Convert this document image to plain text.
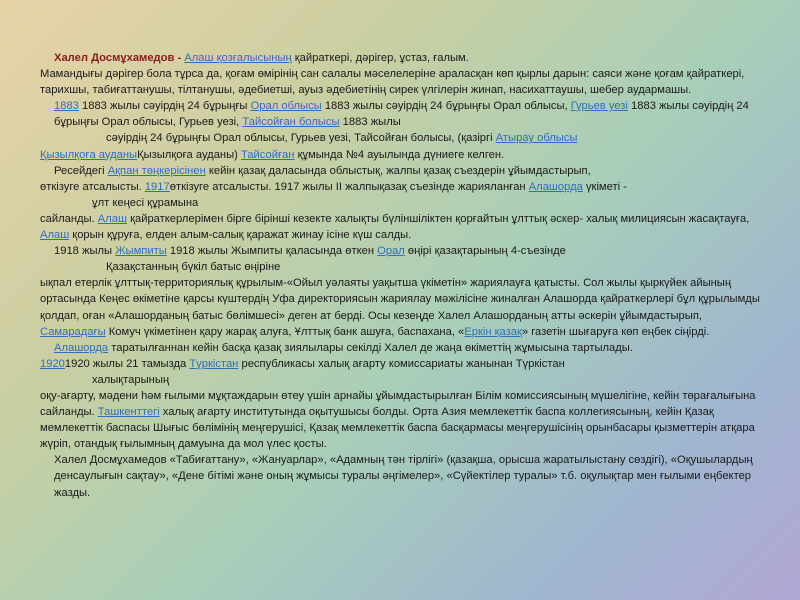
Халел Досмұхамедов - Алаш қозғалысының қайраткері, дәрігер, ұстаз, ғалым.

Мамандығы дәрігер бола тұрса да, қоғам өмірінің сан салалы мәселелеріне араласқан көп қырлы дарын: саяси және қоғам қайраткері, тарихшы, табиғаттанушы, тілтанушы, әдебиетші, ауыз әдебиетінің сирек үлгілерін жинап, насихаттаушы, шебер аудармашы.

1883 1883 жылы сәуірдің 24 бұрыңғы Орал облысы 1883 жылы сәуірдің 24 бұрыңғы Орал облысы, Гурьев уезі 1883 жылы сәуірдің 24 бұрыңғы Орал облысы, Гурьев уезі, Тайсойған болысы 1883 жылы
сәуірдің 24 бұрыңғы Орал облысы, Гурьев уезі, Тайсойған болысы, (қазіргі Атырау облысы

Қызылқоға ауданыҚызылқоға ауданы) Тайсойған құмында №4 ауылында дүниеге келген.

Ресейдегі Ақпан төңкерісінен кейін қазақ даласында облыстық, жалпы қазақ съездерін ұйымдастырып,

өткізуге атсалысты. 1917өткізуге атсалысты. 1917 жылы ІІ жалпықазақ съезінде жарияланған Алашорда үкіметі -
ұлт кеңесі құрамына

сайланды. Алаш қайраткерлерімен бірге бірінші кезекте халықты бүлiншiлiктен қорғайтын ұлттық әскер- халық милициясын жасақтауға, Алаш қорын құруға, елден алым-салық қаражат жинау ісіне күш салды.

1918 жылы Жымпиты 1918 жылы Жымпиты қаласында өткен Орал өңірі қазақтарының 4-съезінде
Қазақстанның бүкіл батыс өңірiне

ықпал етерлік ұлттық-территориялық құрылым-«Ойыл уәлаяты уақытша үкіметін» жариялауға қатысты. Сол жылы қыркүйек айының ортасында Кеңес өкіметіне қарсы күштердің Уфа директориясын жариялау мәжілісіне жиналған Алашорда қайраткерлері бұл құрылымды қолдап, оған «Алашорданың батыс бөлімшесі» деген ат берді. Осы кезеңде Халел Алашорданың атты әскерін ұйымдастырып, Самарадағы Комуч үкіметінен қару жарақ алуға, Ұлттық банк ашуға, баспахана, «Еркін қазақ» газетін шығаруға көп еңбек сіңірді.

Алашорда таратылғаннан кейін басқа қазақ зиялылары секілді Халел де жаңа өкіметтің жұмысына тартылады.

19201920 жылы 21 тамызда Түркістан республикасы халық ағарту комиссариаты жанынан Түркістан
халықтарының

оқу-ағарту, мәдени һәм ғылыми мұқтаждарын өтеу үшін арнайы ұйымдастырылған Білім комиссиясының мүшелігіне, кейін төрағалығына сайланды. Ташкенттегі халық ағарту институтында оқытушысы болды. Орта Азия мемлекеттік баспа коллегиясының, кейін Қазақ мемлекеттік баспасы Шығыс бөлімінің меңгерушісі, Қазақ мемлекеттік баспа басқармасы меңгерушісінің орынбасары қызметтерін атқара жүріп, отандық ғылымның дамуына да мол үлес қосты.

Халел Досмұхамедов «Табиғаттану», «Жануарлар», «Адамның тән тірлігі» (қазақша, орысша жаратылыстану сөздігі), «Оқушылардың денсаулығын сақтау», «Дене бітімі және оның жұмысы туралы әңгімелер», «Сүйектілер туралы» т.б. оқулықтар мен ғылыми еңбектер жазды.
